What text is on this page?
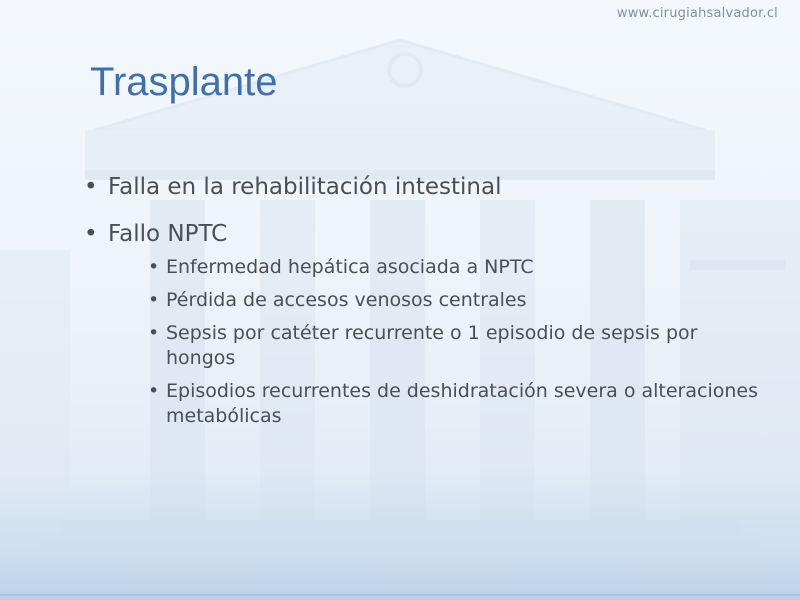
www.cirugiahsalvador.cl
Trasplante
• Falla en la rehabilitación intestinal
• Fallo NPTC
• Enfermedad hepática asociada a NPTC
• Pérdida de accesos venosos centrales
• Sepsis por catéter recurrente o 1 episodio de sepsis por hongos
• Episodios recurrentes de deshidratación severa o alteraciones metabólicas
